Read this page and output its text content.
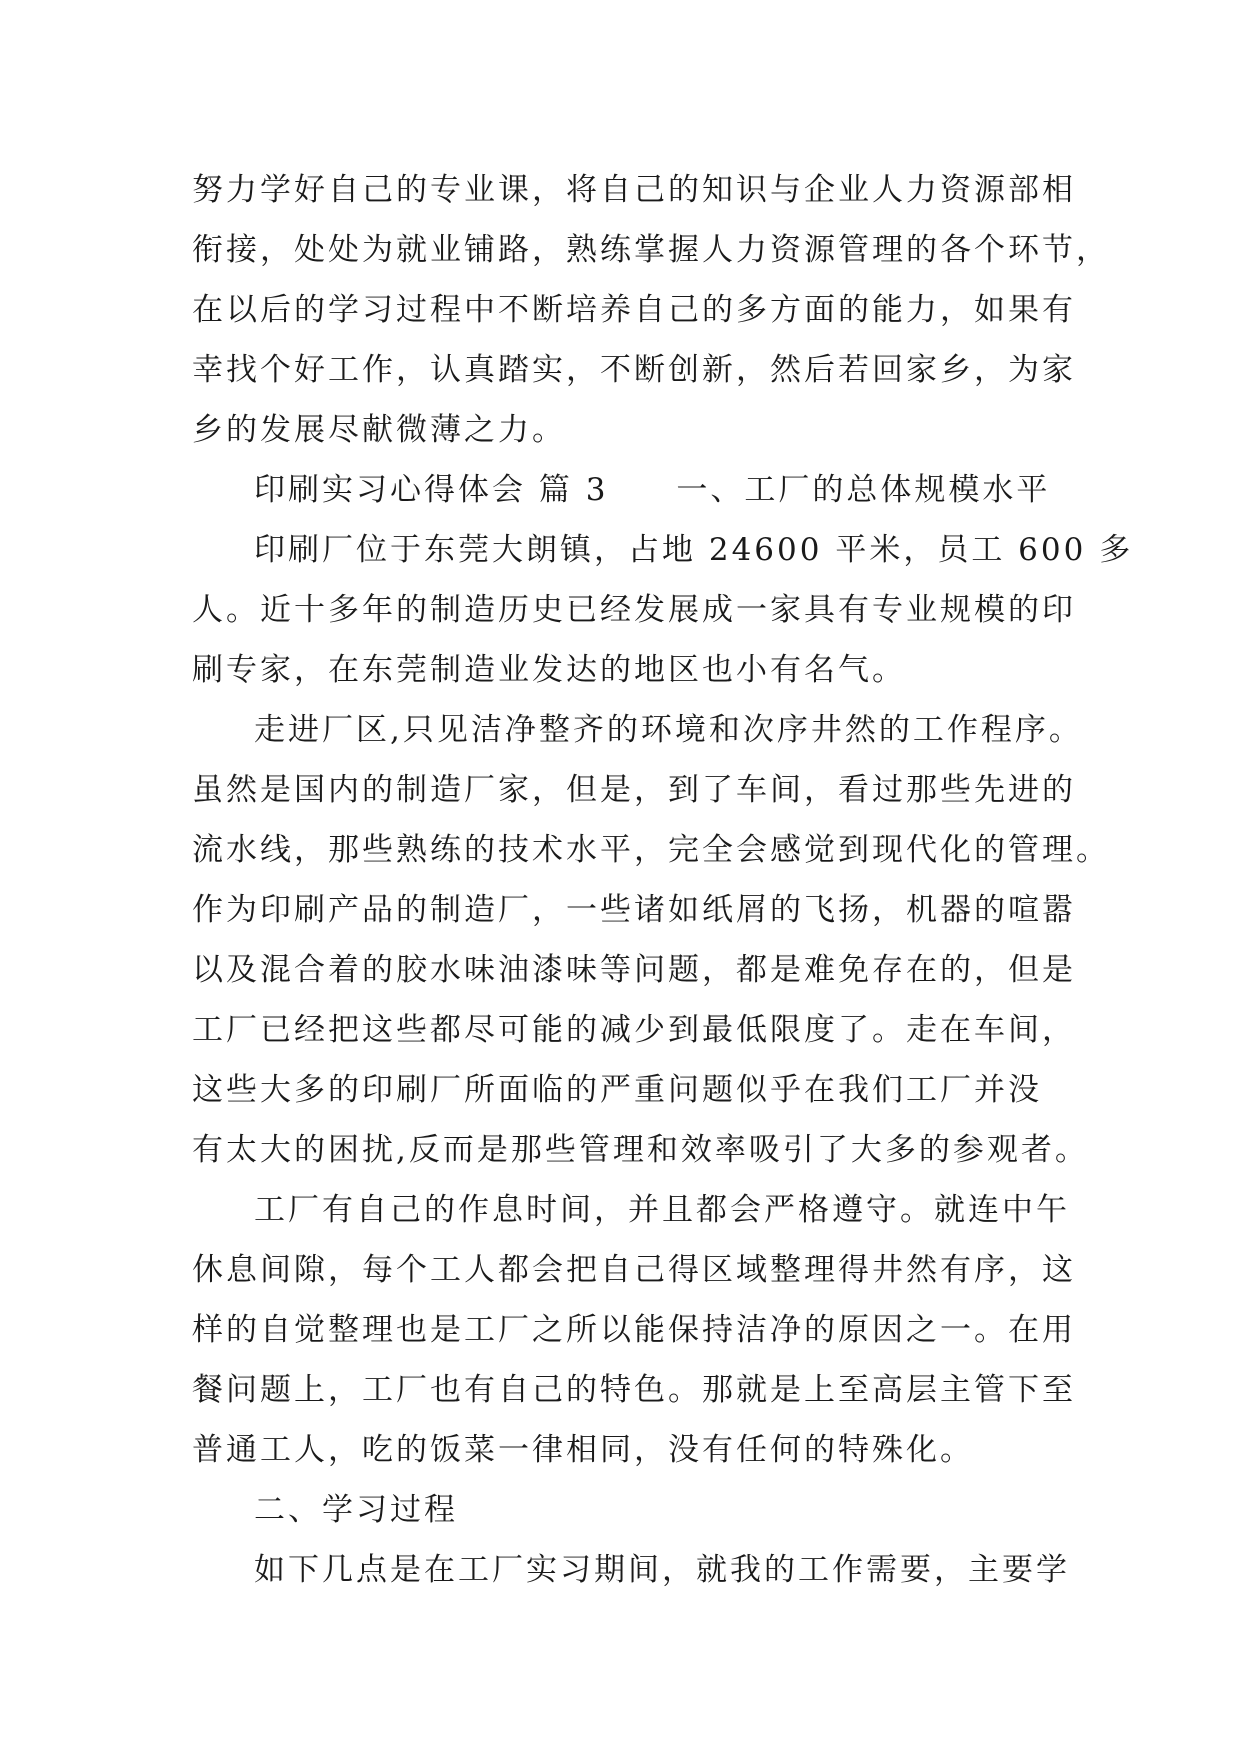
努力学好自己的专业课，将自己的知识与企业人力资源部相
衔接，处处为就业铺路，熟练掌握人力资源管理的各个环节，
在以后的学习过程中不断培养自己的多方面的能力，如果有
幸找个好工作，认真踏实，不断创新，然后若回家乡，为家
乡的发展尽献微薄之力。
印刷实习心得体会 篇 3　　一、工厂的总体规模水平
印刷厂位于东莞大朗镇，占地 24600 平米，员工 600 多
人。近十多年的制造历史已经发展成一家具有专业规模的印
刷专家，在东莞制造业发达的地区也小有名气。
走进厂区,只见洁净整齐的环境和次序井然的工作程序。
虽然是国内的制造厂家，但是，到了车间，看过那些先进的
流水线，那些熟练的技术水平，完全会感觉到现代化的管理。
作为印刷产品的制造厂，一些诸如纸屑的飞扬，机器的喧嚣
以及混合着的胶水味油漆味等问题，都是难免存在的，但是
工厂已经把这些都尽可能的减少到最低限度了。走在车间，
这些大多的印刷厂所面临的严重问题似乎在我们工厂并没
有太大的困扰,反而是那些管理和效率吸引了大多的参观者。
工厂有自己的作息时间，并且都会严格遵守。就连中午
休息间隙，每个工人都会把自己得区域整理得井然有序，这
样的自觉整理也是工厂之所以能保持洁净的原因之一。在用
餐问题上，工厂也有自己的特色。那就是上至高层主管下至
普通工人，吃的饭菜一律相同，没有任何的特殊化。
二、学习过程
如下几点是在工厂实习期间，就我的工作需要，主要学
